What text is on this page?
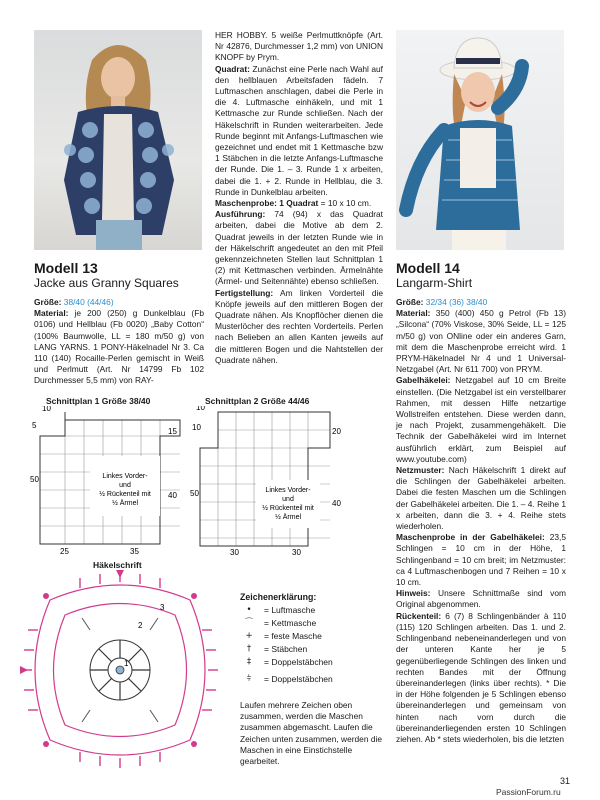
Modell 13
Jacke aus Granny Squares

Größe: 38/40 (44/46)

Material: je 200 (250) g Dunkelblau (Fb 0106) und Hellblau (Fb 0020) „Baby Cotton“ (100% Baumwolle, LL = 180 m/50 g) von LANG YARNS. 1 PONY-Häkelnadel Nr 3. Ca 110 (140) Rocaille-Perlen gemischt in Weiß und Perlmutt (Art. Nr 14799 Fb 102 Durchmesser 5,5 mm) von RAY-

HER HOBBY. 5 weiße Perlmuttknöpfe (Art. Nr 42876, Durchmesser 1,2 mm) von UNION KNOPF by Prym.

Quadrat: Zunächst eine Perle nach Wahl auf den hellblauen Arbeitsfaden fädeln. 7 Luftmaschen anschlagen, dabei die Perle in die 4. Luftmasche einhäkeln, und mit 1 Kettmasche zur Runde schließen. Nach der Häkelschrift in Runden weiterarbeiten. Jede Runde beginnt mit Anfangs-Luftmaschen wie gezeichnet und endet mit 1 Kettmasche bzw 1 Stäbchen in die letzte Anfangs-Luftmasche der Runde. Die 1. – 3. Runde 1 x arbeiten, dabei die 1. + 2. Runde in Hellblau, die 3. Runde in Dunkelblau arbeiten.

Maschenprobe: 1 Quadrat = 10 x 10 cm.

Ausführung: 74 (94) x das Quadrat arbeiten, dabei die Motive ab dem 2. Quadrat jeweils in der letzten Runde wie in der Häkelschrift angedeutet an den mit Pfeil gekennzeichneten Stellen laut Schnittplan 1 (2) mit Kettmaschen verbinden. Ärmelnähte (Ärmel- und Seitennähte) ebenso schließen.

Fertigstellung: Am linken Vorderteil die Knöpfe jeweils auf den mittleren Bogen der Quadrate nähen. Als Knopflöcher dienen die Musterlöcher des rechten Vorderteils. Perlen nach Belieben an allen Kanten jeweils auf die mittleren Bogen und die Nahtstellen der Quadrate nähen.

Schnittplan 1 Größe 38/40
10
5
15
50
40
25	35
Linkes Vorder-
und
½ Rückenteil mit
½ Ärmel
Schnittplan 2 Größe 44/46
10
10	20
50
40
30	30
Linkes Vorder-
und
½ Rückenteil mit
½ Ärmel
Häkelschrift
1
2
3
Zeichenerklärung:
•	= Luftmasche
⌒	= Kettmasche
+	= feste Masche
†	= Stäbchen
‡	= Doppelstäbchen
⫩	= Doppelstäbchen
Laufen mehrere Zeichen oben zusammen, werden die Maschen zusammen abgemascht. Laufen die Zeichen unten zusammen, werden die Maschen in eine Einstichstelle gearbeitet.
Modell 14
Langarm-Shirt

Größe: 32/34 (36) 38/40

Material: 350 (400) 450 g Petrol (Fb 13) „Silcona“ (70% Viskose, 30% Seide, LL = 125 m/50 g) von ONline oder ein anderes Garn, mit dem die Maschenprobe erreicht wird. 1 PRYM-Häkelnadel Nr 4 und 1 Universal-Netzgabel (Art. Nr 611 700) von PRYM.

Gabelhäkelei: Netzgabel auf 10 cm Breite einstellen. (Die Netzgabel ist ein verstellbarer Rahmen, mit dessen Hilfe netzartige Wollstreifen entstehen. Diese werden dann, je nach Projekt, zusammengehäkelt. Die Technik der Gabelhäkelei wird im Internet ausführlich erklärt, zum Beispiel auf www.youtube.com)

Netzmuster: Nach Häkelschrift 1 direkt auf die Schlingen der Gabelhäkelei arbeiten. Dabei die festen Maschen um die Schlingen der Gabelhäkelei arbeiten. Die 1. – 4. Reihe 1 x arbeiten, dann die 3. + 4. Reihe stets wiederholen.

Maschenprobe in der Gabelhäkelei: 23,5 Schlingen = 10 cm in der Höhe, 1 Schlingenband = 10 cm breit; im Netzmuster: ca 4 Luftmaschenbogen und 7 Reihen = 10 x 10 cm.

Hinweis: Unsere Schnittmaße sind vom Original abgenommen.

Rückenteil: 6 (7) 8 Schlingenbänder à 110 (115) 120 Schlingen arbeiten. Das 1. und 2. Schlingenband nebeneinanderlegen und von der unteren Kante her je 5 gegenüberliegende Schlingen des linken und rechten Bandes mit der Öffnung übereinanderlegen (links über rechts). * Die in der Höhe folgenden je 5 Schlingen ebenso übereinanderlegen und gemeinsam von hinten nach vorn durch die übereinanderliegenden ersten 10 Schlingen ziehen. Ab * stets wiederholen, bis die letzten

31
PassionForum.ru
